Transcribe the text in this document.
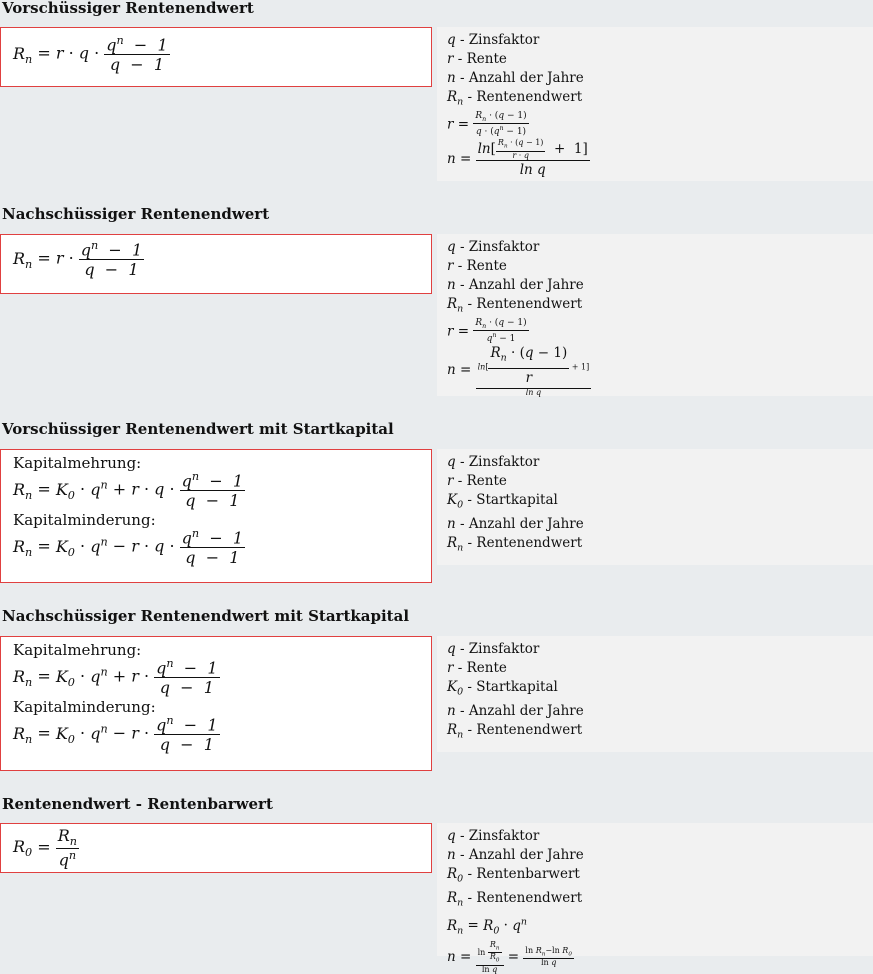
Vorschüssiger Rentenendwert
$R_n = r \cdot q \cdot \frac{q^n - 1}{q - 1}$	q - Zinsfaktor
r - Rente
n - Anzahl der Jahre
$R_n$ - Rentenendwert
$r = \frac{R_n \cdot (q - 1)}{q \cdot (q^n - 1)}$
$n = \frac{\ln[ \frac{R_n \cdot (q - 1)}{r \cdot q} + 1]}{\text{ln q}}$
Nachschüssiger Rentenendwert
$R_n = r \cdot \frac{q^n - 1}{q - 1}$	q - Zinsfaktor
r - Rente
n - Anzahl der Jahre
$R_n$ - Rentenendwert
$r = \frac{R_n \cdot (q - 1)}{q^n - 1}$
$n = \frac{\ln[ \frac{R_n \cdot (q - 1)}{r} + 1]}{\text{ln q}}$
Vorschüssiger Rentenendwert mit Startkapital
Kapitalmehrung:
$R_n = K_0 \cdot q^n + r \cdot q \cdot \frac{q^n - 1}{q - 1}$
Kapitalminderung:
$R_n = K_0 \cdot q^n - r \cdot q \cdot \frac{q^n - 1}{q - 1}$
q - Zinsfaktor
r - Rente
$K_0$ - Startkapital
n - Anzahl der Jahre
$R_n$ - Rentenendwert
Nachschüssiger Rentenendwert mit Startkapital
Kapitalmehrung:
$R_n = K_0 \cdot q^n + r \cdot \frac{q^n - 1}{q - 1}$
Kapitalminderung:
$R_n = K_0 \cdot q^n - r \cdot \frac{q^n - 1}{q - 1}$
q - Zinsfaktor
r - Rente
$K_0$ - Startkapital
n - Anzahl der Jahre
$R_n$ - Rentenendwert
Rentenendwert - Rentenbarwert
$R_0 = \frac{R_n}{q^n}$	q - Zinsfaktor
n - Anzahl der Jahre
$R_0$ - Rentenbarwert
$R_n$ - Rentenendwert
$R_n = R_0 \cdot q^n$
$n = \frac{\ln \frac{R_n}{R_0}}{\text{ln q}} = \frac{\ln R_n-\ln R_0}{\text{ln q}}$
